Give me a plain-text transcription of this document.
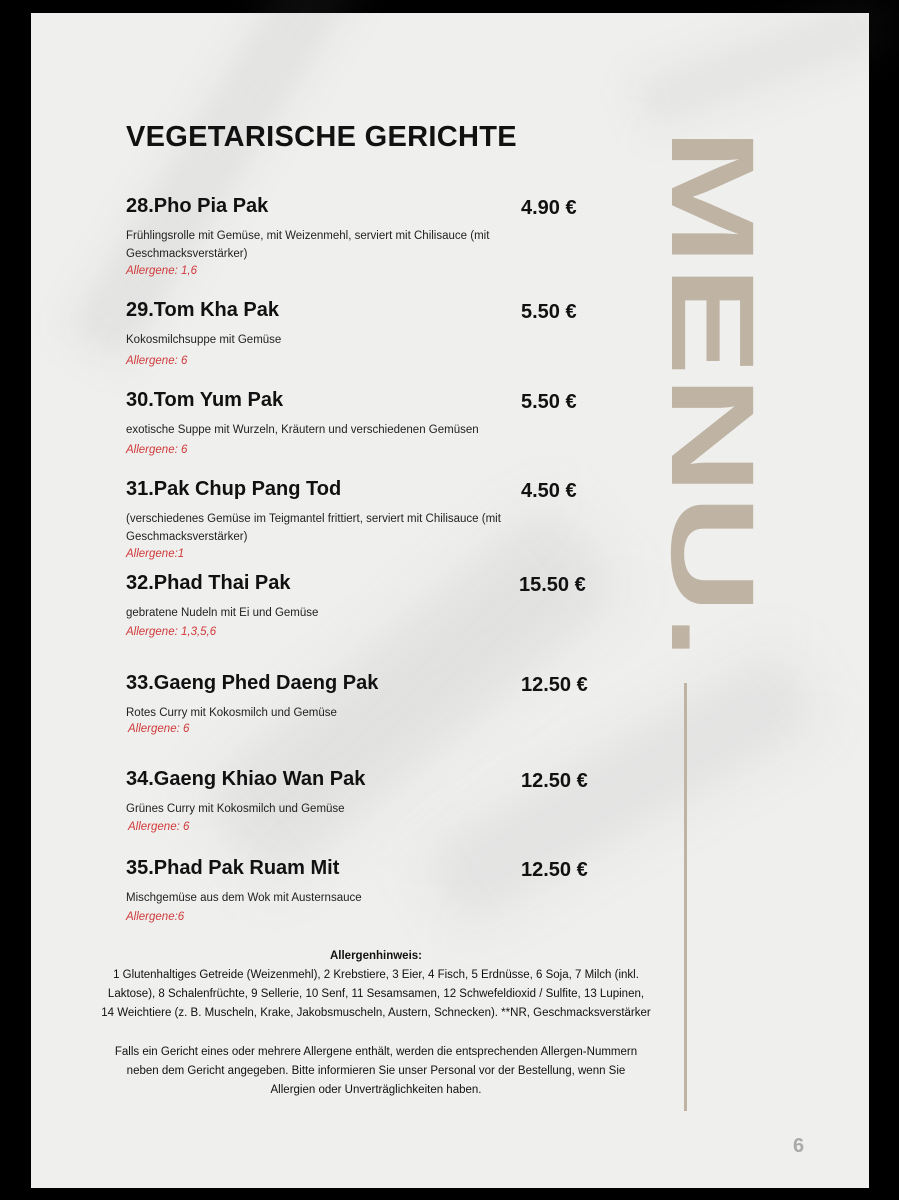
VEGETARISCHE GERICHTE
28.Pho Pia Pak	4.90 €
Frühlingsrolle mit Gemüse, mit Weizenmehl, serviert mit Chilisauce (mit Geschmacksverstärker)
Allergene: 1,6
29.Tom Kha Pak	5.50 €
Kokosmilchsuppe mit Gemüse
Allergene: 6
30.Tom Yum Pak	5.50 €
exotische Suppe mit Wurzeln, Kräutern und verschiedenen Gemüsen
Allergene: 6
31.Pak Chup Pang Tod	4.50 €
(verschiedenes Gemüse im Teigmantel frittiert, serviert mit Chilisauce (mit Geschmacksverstärker)
Allergene:1
32.Phad Thai Pak	15.50 €
gebratene Nudeln mit Ei und Gemüse
Allergene: 1,3,5,6
33.Gaeng Phed Daeng Pak	12.50 €
Rotes Curry mit Kokosmilch und Gemüse
Allergene: 6
34.Gaeng Khiao Wan Pak	12.50 €
Grünes Curry mit Kokosmilch und Gemüse
Allergene: 6
35.Phad Pak Ruam Mit	12.50 €
Mischgemüse aus dem Wok mit Austernsauce
Allergene:6
MENU.
Allergenhinweis:
1 Glutenhaltiges Getreide (Weizenmehl), 2 Krebstiere, 3 Eier, 4 Fisch, 5 Erdnüsse, 6 Soja, 7 Milch (inkl.
Laktose), 8 Schalenfrüchte, 9 Sellerie, 10 Senf, 11 Sesamsamen, 12 Schwefeldioxid / Sulfite, 13 Lupinen,
14 Weichtiere (z. B. Muscheln, Krake, Jakobsmuscheln, Austern, Schnecken). **NR, Geschmacksverstärker
Falls ein Gericht eines oder mehrere Allergene enthält, werden die entsprechenden Allergen-Nummern
neben dem Gericht angegeben. Bitte informieren Sie unser Personal vor der Bestellung, wenn Sie
Allergien oder Unverträglichkeiten haben.
6
